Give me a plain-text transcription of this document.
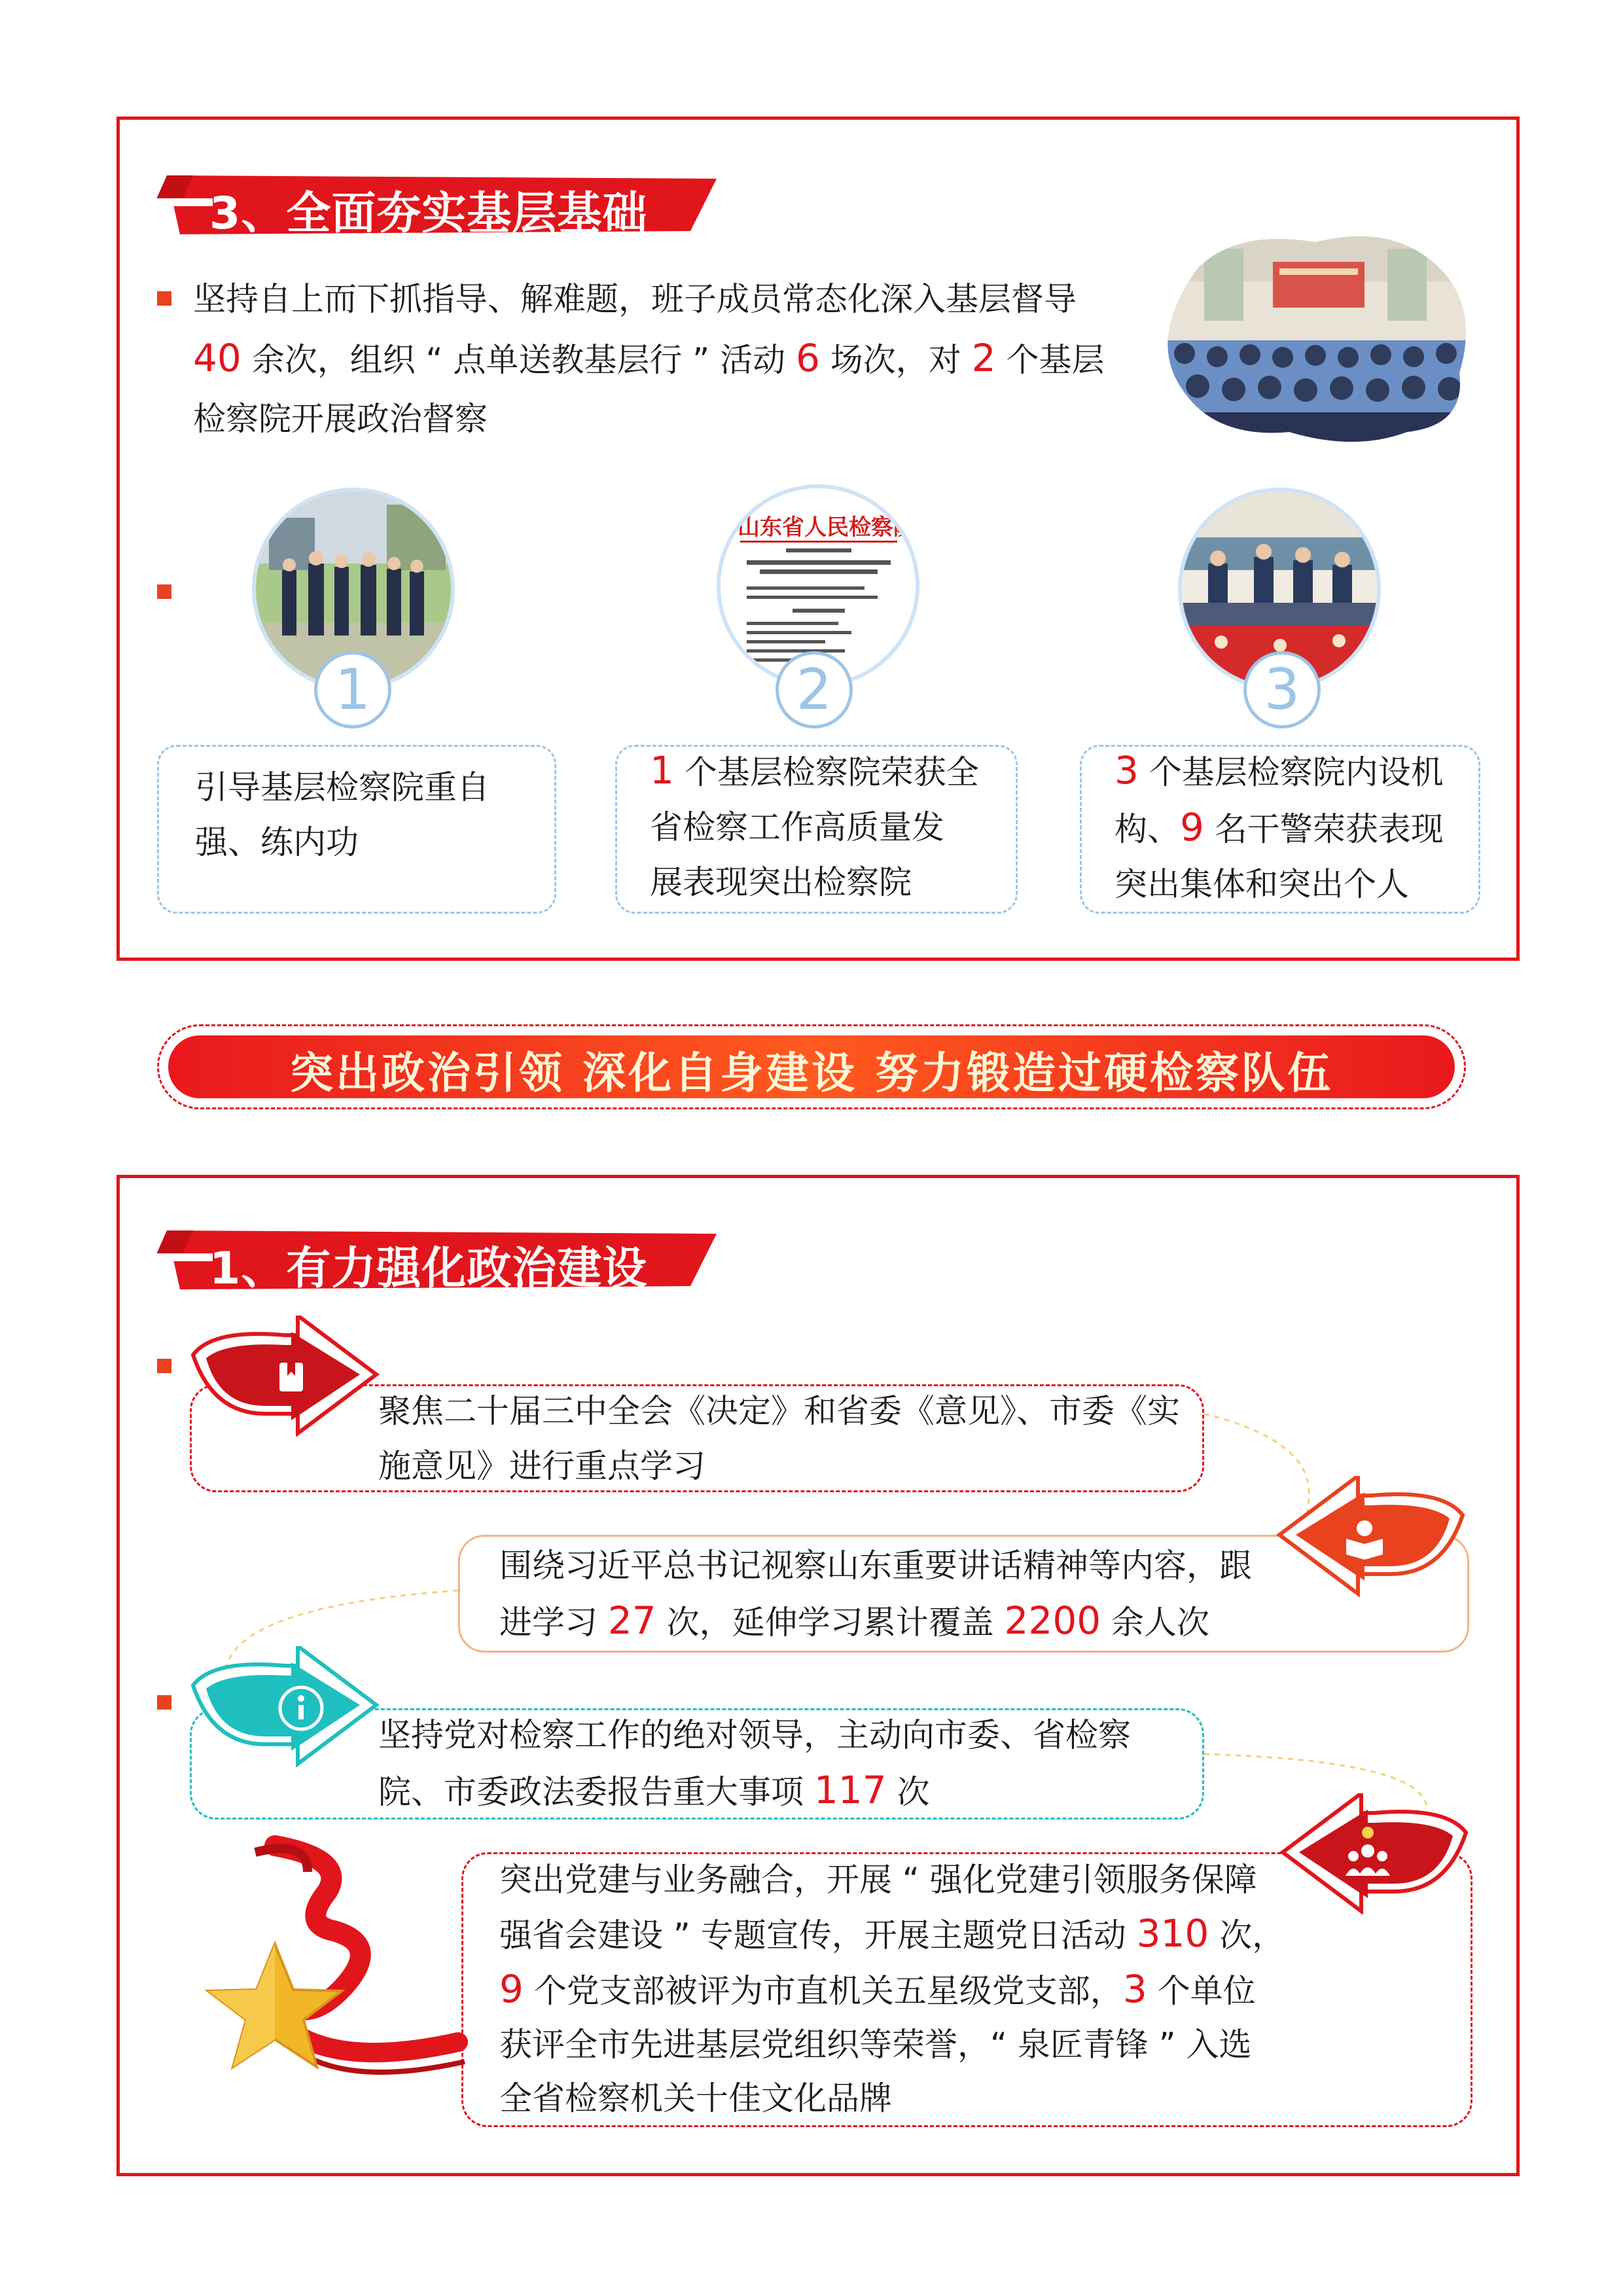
3、全面夯实基层基础
坚持自上而下抓指导、解难题，班子成员常态化深入基层督导
40 余次，组织 “ 点单送教基层行 ” 活动 6 场次，对 2 个基层
检察院开展政治督察
1
山东省人民检察院
2	3
引导基层检察院重自
强、练内功
1 个基层检察院荣获全
省检察工作高质量发
展表现突出检察院
3 个基层检察院内设机
构、9 名干警荣获表现
突出集体和突出个人
突出政治引领 深化自身建设 努力锻造过硬检察队伍
1、有力强化政治建设
聚焦二十届三中全会《决定》和省委《意见》、市委《实
施意见》进行重点学习
围绕习近平总书记视察山东重要讲话精神等内容，跟
进学习 27 次，延伸学习累计覆盖 2200 余人次
坚持党对检察工作的绝对领导，主动向市委、省检察
院、市委政法委报告重大事项 117 次
突出党建与业务融合，开展 “ 强化党建引领服务保障
强省会建设 ” 专题宣传，开展主题党日活动 310 次，
9 个党支部被评为市直机关五星级党支部，3 个单位
获评全市先进基层党组织等荣誉，“ 泉匠青锋 ” 入选
全省检察机关十佳文化品牌
